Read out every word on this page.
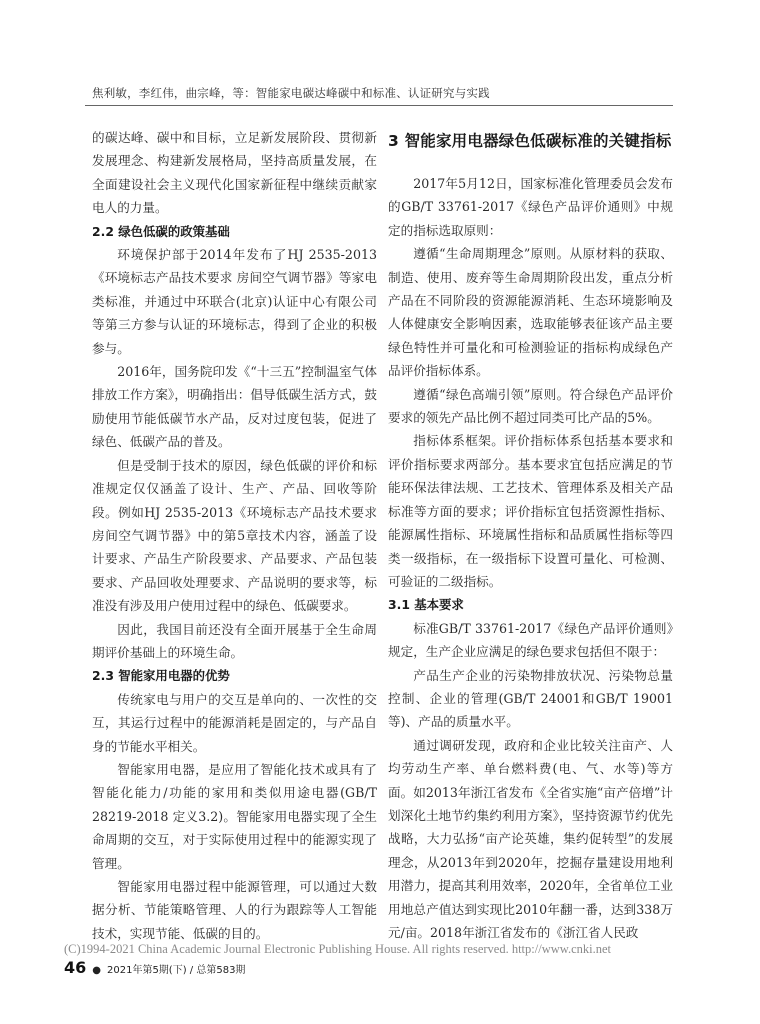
焦利敏，李红伟，曲宗峰，等：智能家电碳达峰碳中和标准、认证研究与实践

的碳达峰、碳中和目标，立足新发展阶段、贯彻新发展理念、构建新发展格局，坚持高质量发展，在全面建设社会主义现代化国家新征程中继续贡献家电人的力量。

2.2 绿色低碳的政策基础

环境保护部于2014年发布了HJ 2535-2013《环境标志产品技术要求 房间空气调节器》等家电类标准，并通过中环联合(北京)认证中心有限公司等第三方参与认证的环境标志，得到了企业的积极参与。

2016年，国务院印发《“十三五”控制温室气体排放工作方案》，明确指出：倡导低碳生活方式，鼓励使用节能低碳节水产品，反对过度包装，促进了绿色、低碳产品的普及。

但是受制于技术的原因，绿色低碳的评价和标准规定仅仅涵盖了设计、生产、产品、回收等阶段。例如HJ 2535-2013《环境标志产品技术要求 房间空气调节器》中的第5章技术内容，涵盖了设计要求、产品生产阶段要求、产品要求、产品包装要求、产品回收处理要求、产品说明的要求等，标准没有涉及用户使用过程中的绿色、低碳要求。

因此，我国目前还没有全面开展基于全生命周期评价基础上的环境生命。

2.3 智能家用电器的优势

传统家电与用户的交互是单向的、一次性的交互，其运行过程中的能源消耗是固定的，与产品自身的节能水平相关。

智能家用电器，是应用了智能化技术或具有了智能化能力/功能的家用和类似用途电器(GB/T 28219-2018 定义3.2)。智能家用电器实现了全生命周期的交互，对于实际使用过程中的能源实现了管理。

智能家用电器过程中能源管理，可以通过大数据分析、节能策略管理、人的行为跟踪等人工智能技术，实现节能、低碳的目的。

3 智能家用电器绿色低碳标准的关键指标

2017年5月12日，国家标准化管理委员会发布的GB/T 33761-2017《绿色产品评价通则》中规定的指标选取原则：

遵循“生命周期理念”原则。从原材料的获取、制造、使用、废弃等生命周期阶段出发，重点分析产品在不同阶段的资源能源消耗、生态环境影响及人体健康安全影响因素，选取能够表征该产品主要绿色特性并可量化和可检测验证的指标构成绿色产品评价指标体系。

遵循“绿色高端引领”原则。符合绿色产品评价要求的领先产品比例不超过同类可比产品的5%。

指标体系框架。评价指标体系包括基本要求和评价指标要求两部分。基本要求宜包括应满足的节能环保法律法规、工艺技术、管理体系及相关产品标准等方面的要求；评价指标宜包括资源性指标、能源属性指标、环境属性指标和品质属性指标等四类一级指标，在一级指标下设置可量化、可检测、可验证的二级指标。

3.1 基本要求

标准GB/T 33761-2017《绿色产品评价通则》规定，生产企业应满足的绿色要求包括但不限于：

产品生产企业的污染物排放状况、污染物总量控制、企业的管理(GB/T 24001和GB/T 19001等)、产品的质量水平。

通过调研发现，政府和企业比较关注亩产、人均劳动生产率、单台燃料费(电、气、水等)等方面。如2013年浙江省发布《全省实施“亩产倍增”计划深化土地节约集约利用方案》，坚持资源节约优先战略，大力弘扬“亩产论英雄，集约促转型”的发展理念，从2013年到2020年，挖掘存量建设用地利用潜力，提高其利用效率，2020年，全省单位工业用地总产值达到实现比2010年翻一番，达到338万元/亩。2018年浙江省发布的《浙江省人民政

(C)1994-2021 China Academic Journal Electronic Publishing House. All rights reserved. http://www.cnki.net
46 ● 2021年第5期(下) / 总第583期
